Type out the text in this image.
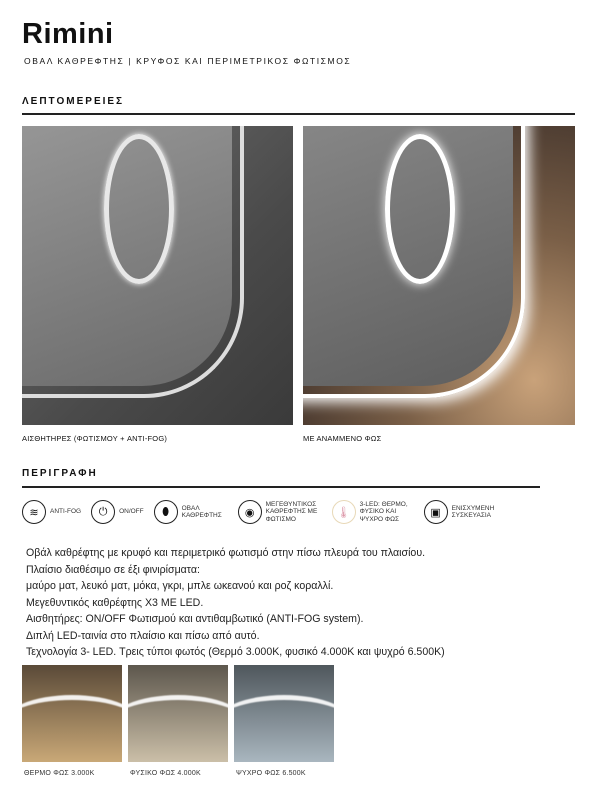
Rimini
ΟΒΑΛ ΚΑΘΡΕΦΤΗΣ | ΚΡΥΦΟΣ ΚΑΙ ΠΕΡΙΜΕΤΡΙΚΟΣ ΦΩΤΙΣΜΟΣ
ΛΕΠΤΟΜΕΡΕΙΕΣ
ΑΙΣΘΗΤΗΡΕΣ (ΦΩΤΙΣΜΟΥ + ANTI-FOG)	ΜΕ ΑΝΑΜΜΕΝΟ ΦΩΣ
ΠΕΡΙΓΡΑΦΗ
≋	ANTI-FOG	⏻	ON/OFF	⬮	ΟΒΑΛ ΚΑΘΡΕΦΤΗΣ	◉
ΜΕΓΕΘΥΝΤΙΚΟΣ ΚΑΘΡΕΦΤΗΣ ΜΕ ΦΩΤΙΣΜΟ
🌡
3-LED: ΘΕΡΜΟ, ΦΥΣΙΚΟ ΚΑΙ ΨΥΧΡΟ ΦΩΣ
▣	ΕΝΙΣΧΥΜΕΝΗ ΣΥΣΚΕΥΑΣΙΑ
Οβάλ καθρέφτης με κρυφό και περιμετρικό φωτισμό στην πίσω πλευρά του πλαισίου.
Πλαίσιο διαθέσιμο σε έξι φινιρίσματα:
μαύρο ματ, λευκό ματ, μόκα, γκρι, μπλε ωκεανού και ροζ κοραλλί.
Μεγεθυντικός καθρέφτης X3 ME LED.
Αισθητήρες: ON/OFF Φωτισμού και αντιθαμβωτικό (ANTI-FOG system).
Διπλή LED-ταινία στο πλαίσιο και πίσω από αυτό.
Τεχνολογία 3- LED. Τρεις τύποι φωτός (Θερμό 3.000K, φυσικό 4.000K και ψυχρό 6.500K)
ΘΕΡΜΟ ΦΩΣ 3.000K	ΦΥΣΙΚΟ ΦΩΣ 4.000K	ΨΥΧΡΟ ΦΩΣ 6.500K
